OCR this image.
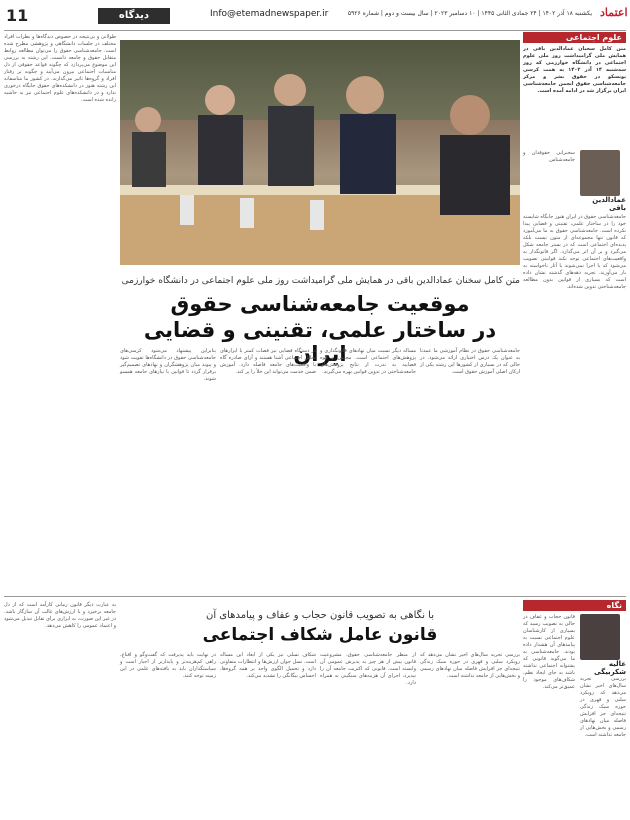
11	دیدگاه	Info@etemadnewspaper.ir	یکشنبه ۱۸ آذر ۱۴۰۲ | ۲۴ جمادی الثانی ۱۴۴۵ | ۱۰ دسامبر ۲۰۲۳ | سال بیست و دوم | شماره ۵۹۲۶ اعتماد
علوم اجتماعی
متن کامل سخنان عمادالدین باقی در همایش ملی گرامیداشت روز ملی علوم اجتماعی در دانشگاه خوارزمی که روز سه‌شنبه ۱۴ آذر ۱۴۰۲ به همت کرسی یونسکو در حقوق بشر و مرکز جامعه‌شناسی حقوق انجمن جامعه‌شناسی ایران برگزار شد در ادامه آمده است.
عمادالدین باقی
سخنرانی حقوقدان و جامعه‌شناس
جامعه‌شناسی حقوق در ایران هنوز جایگاه شایسته خود را در ساختار علمی، تقنینی و قضایی پیدا نکرده است. جامعه‌شناسی حقوق به ما می‌آموزد که قانون تنها مجموعه‌ای از متون نیست بلکه پدیده‌ای اجتماعی است که در بستر جامعه شکل می‌گیرد و بر آن اثر می‌گذارد. اگر قانونگذار به واقعیت‌های اجتماعی توجه نکند قوانینی تصویب می‌شود که یا اجرا نمی‌شوند یا آثار ناخواسته به بار می‌آورند. تجربه دهه‌های گذشته نشان داده است که بسیاری از قوانین بدون مطالعه جامعه‌شناختی تدوین شده‌اند.
طولانی و بی‌نتیجه در خصوص دیدگاه‌ها و نظرات افراد مختلف در جلسات دانشگاهی و پژوهشی مطرح شده است. جامعه‌شناسی حقوق را می‌توان مطالعه روابط متقابل حقوق و جامعه دانست. این رشته به بررسی این موضوع می‌پردازد که چگونه قواعد حقوقی از دل مناسبات اجتماعی بیرون می‌آیند و چگونه بر رفتار افراد و گروه‌ها تاثیر می‌گذارند. در کشور ما متاسفانه این رشته هنوز در دانشکده‌های حقوق جایگاه درخوری ندارد و در دانشکده‌های علوم اجتماعی نیز به حاشیه رانده شده است.
متن کامل سخنان عمادالدین باقی در همایش ملی گرامیداشت روز ملی علوم اجتماعی در دانشگاه خوارزمی
موقعیت جامعه‌شناسی حقوق
در ساختار علمی، تقنینی و قضایی ایران	جامعه‌شناسی حقوق در نظام آموزشی ما عمدتا به عنوان یک درس اختیاری ارائه می‌شود. در حالی که در بسیاری از کشورها این رشته یکی از ارکان اصلی آموزش حقوق است.
مساله دیگر نسبت میان نهادهای قانونگذاری و پژوهش‌های اجتماعی است. مجلس و قوه قضاییه به ندرت از نتایج پژوهش‌های جامعه‌شناختی در تدوین قوانین بهره می‌گیرند.
در دستگاه قضایی نیز قضات کمتر با ابزارهای تحلیل اجتماعی آشنا هستند و آرای صادره گاه با واقعیت‌های جامعه فاصله دارد. آموزش ضمن خدمت می‌تواند این خلأ را پر کند.
بنابراین پیشنهاد می‌شود کرسی‌های جامعه‌شناسی حقوق در دانشگاه‌ها تقویت شود و پیوند میان پژوهشگران و نهادهای تصمیم‌گیر برقرار گردد تا قوانین با نیازهای جامعه همسو شوند.
نگاه
عالیه شکربیگی
قانون حجاب و عفاف در حالی به تصویب رسید که بسیاری از کارشناسان علوم اجتماعی نسبت به پیامدهای آن هشدار داده بودند. جامعه‌شناسی به ما می‌گوید قانونی که پشتوانه اجتماعی نداشته باشد به جای ایجاد نظم، شکاف‌های موجود را عمیق‌تر می‌کند.
بررسی تجربه سال‌های اخیر نشان می‌دهد که رویکرد سلبی و قهری در حوزه سبک زندگی نتیجه‌ای جز افزایش فاصله میان نهادهای رسمی و بخش‌هایی از جامعه نداشته است.
با نگاهی به تصویب قانون حجاب و عفاف و پیامدهای آن
قانون عامل شکاف اجتماعی
بررسی تجربه سال‌های اخیر نشان می‌دهد که رویکرد سلبی و قهری در حوزه سبک زندگی نتیجه‌ای جز افزایش فاصله میان نهادهای رسمی و بخش‌هایی از جامعه نداشته است.
از منظر جامعه‌شناسی حقوق، مشروعیت قانون پیش از هر چیز به پذیرش عمومی آن وابسته است. قانونی که اکثریت جامعه آن را نپذیرد، اجرای آن هزینه‌های سنگینی به همراه دارد.
شکاف نسلی نیز یکی از ابعاد این مساله است. نسل جوان ارزش‌ها و انتظارات متفاوتی دارد و تحمیل الگوی واحد بر همه گروه‌ها، احساس بیگانگی را تشدید می‌کند.
در نهایت باید پذیرفت که گفت‌وگو و اقناع، راهی کم‌هزینه‌تر و پایدارتر از اجبار است و سیاستگذاران باید به یافته‌های علمی در این زمینه توجه کنند.
به عبارت دیگر قانون زمانی کارآمد است که از دل جامعه برخیزد و با ارزش‌های غالب آن سازگار باشد. در غیر این صورت، به ابزاری برای تقابل تبدیل می‌شود و اعتماد عمومی را کاهش می‌دهد.
